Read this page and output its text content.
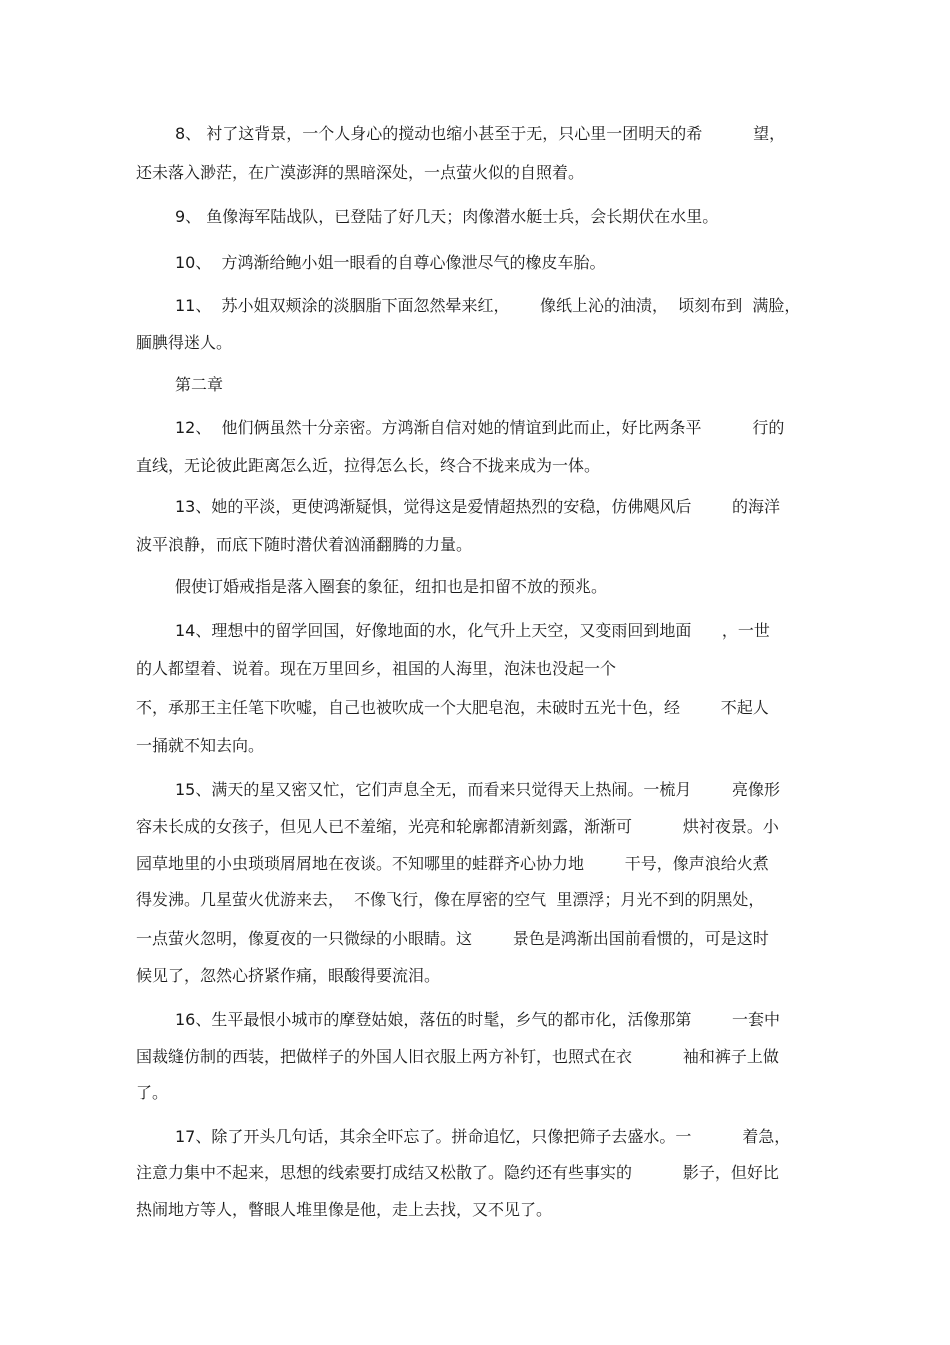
8、 衬了这背景，一个人身心的搅动也缩小甚至于无，只心里一团明天的希          望，
还未落入渺茫，在广漠澎湃的黑暗深处，一点萤火似的自照着。
9、 鱼像海军陆战队，已登陆了好几天；肉像潜水艇士兵，会长期伏在水里。
10、  方鸿渐给鲍小姐一眼看的自尊心像泄尽气的橡皮车胎。
11、  苏小姐双颊涂的淡胭脂下面忽然晕来红，      像纸上沁的油渍，  顷刻布到  满脸，
腼腆得迷人。
第二章
12、  他们俩虽然十分亲密。方鸿渐自信对她的情谊到此而止，好比两条平          行的
直线，无论彼此距离怎么近，拉得怎么长，终合不拢来成为一体。
13、她的平淡，更使鸿渐疑惧，觉得这是爱情超热烈的安稳，仿佛飓风后        的海洋
波平浪静，而底下随时潜伏着汹涌翻腾的力量。
假使订婚戒指是落入圈套的象征，纽扣也是扣留不放的预兆。
14、理想中的留学回国，好像地面的水，化气升上天空，又变雨回到地面      ，一世
的人都望着、说着。现在万里回乡，祖国的人海里，泡沫也没起一个
不，承那王主任笔下吹嘘，自己也被吹成一个大肥皂泡，未破时五光十色，经        不起人
一捅就不知去向。
15、满天的星又密又忙，它们声息全无，而看来只觉得天上热闹。一梳月        亮像形
容未长成的女孩子，但见人已不羞缩，光亮和轮廓都清新刻露，渐渐可          烘衬夜景。小
园草地里的小虫琐琐屑屑地在夜谈。不知哪里的蛙群齐心协力地        干号，像声浪给火煮
得发沸。几星萤火优游来去，  不像飞行，像在厚密的空气  里漂浮；月光不到的阴黑处，
一点萤火忽明，像夏夜的一只微绿的小眼睛。这        景色是鸿渐出国前看惯的，可是这时
候见了，忽然心挤紧作痛，眼酸得要流泪。
16、生平最恨小城市的摩登姑娘，落伍的时髦，乡气的都市化，活像那第        一套中
国裁缝仿制的西装，把做样子的外国人旧衣服上两方补钉，也照式在衣          袖和裤子上做
了。
17、除了开头几句话，其余全吓忘了。拼命追忆，只像把筛子去盛水。一          着急，
注意力集中不起来，思想的线索要打成结又松散了。隐约还有些事实的          影子，但好比
热闹地方等人，瞥眼人堆里像是他，走上去找，又不见了。
